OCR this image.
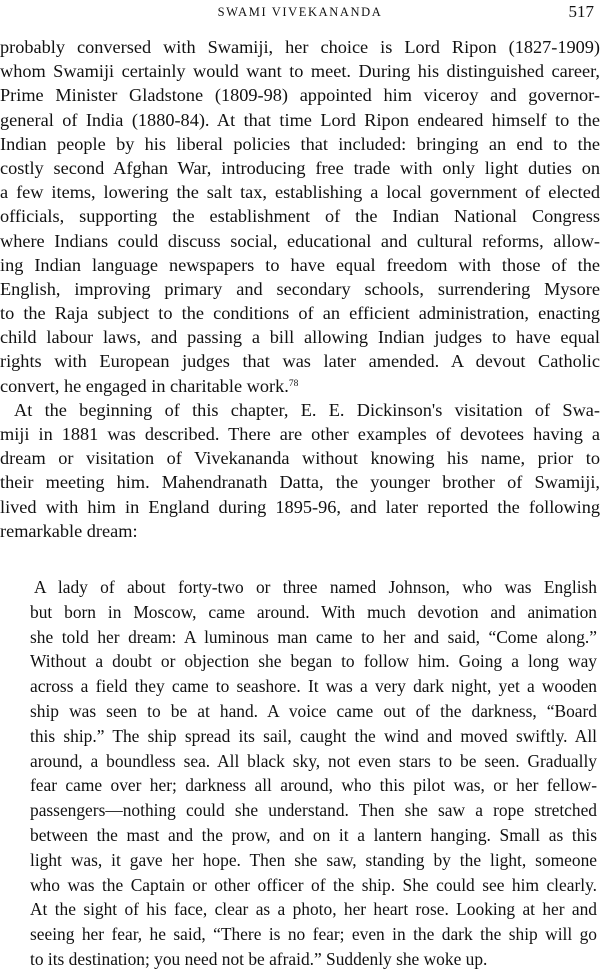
SWAMI VIVEKANANDA	517

probably conversed with Swamiji, her choice is Lord Ripon (1827-1909)
whom Swamiji certainly would want to meet. During his distinguished career,
Prime Minister Gladstone (1809-98) appointed him viceroy and governor-
general of India (1880-84). At that time Lord Ripon endeared himself to the
Indian people by his liberal policies that included: bringing an end to the
costly second Afghan War, introducing free trade with only light duties on
a few items, lowering the salt tax, establishing a local government of elected
officials, supporting the establishment of the Indian National Congress
where Indians could discuss social, educational and cultural reforms, allow-
ing Indian language newspapers to have equal freedom with those of the
English, improving primary and secondary schools, surrendering Mysore
to the Raja subject to the conditions of an efficient administration, enacting
child labour laws, and passing a bill allowing Indian judges to have equal
rights with European judges that was later amended. A devout Catholic
convert, he engaged in charitable work.$^{78}$

At the beginning of this chapter, E. E. Dickinson's visitation of Swa-
miji in 1881 was described. There are other examples of devotees having a
dream or visitation of Vivekananda without knowing his name, prior to
their meeting him. Mahendranath Datta, the younger brother of Swamiji,
lived with him in England during 1895-96, and later reported the following
remarkable dream:

A lady of about forty-two or three named Johnson, who was English
but born in Moscow, came around. With much devotion and animation
she told her dream: A luminous man came to her and said, “Come along.”
Without a doubt or objection she began to follow him. Going a long way
across a field they came to seashore. It was a very dark night, yet a wooden
ship was seen to be at hand. A voice came out of the darkness, “Board
this ship.” The ship spread its sail, caught the wind and moved swiftly. All
around, a boundless sea. All black sky, not even stars to be seen. Gradually
fear came over her; darkness all around, who this pilot was, or her fellow-
passengers—nothing could she understand. Then she saw a rope stretched
between the mast and the prow, and on it a lantern hanging. Small as this
light was, it gave her hope. Then she saw, standing by the light, someone
who was the Captain or other officer of the ship. She could see him clearly.
At the sight of his face, clear as a photo, her heart rose. Looking at her and
seeing her fear, he said, “There is no fear; even in the dark the ship will go
to its destination; you need not be afraid.” Suddenly she woke up.
